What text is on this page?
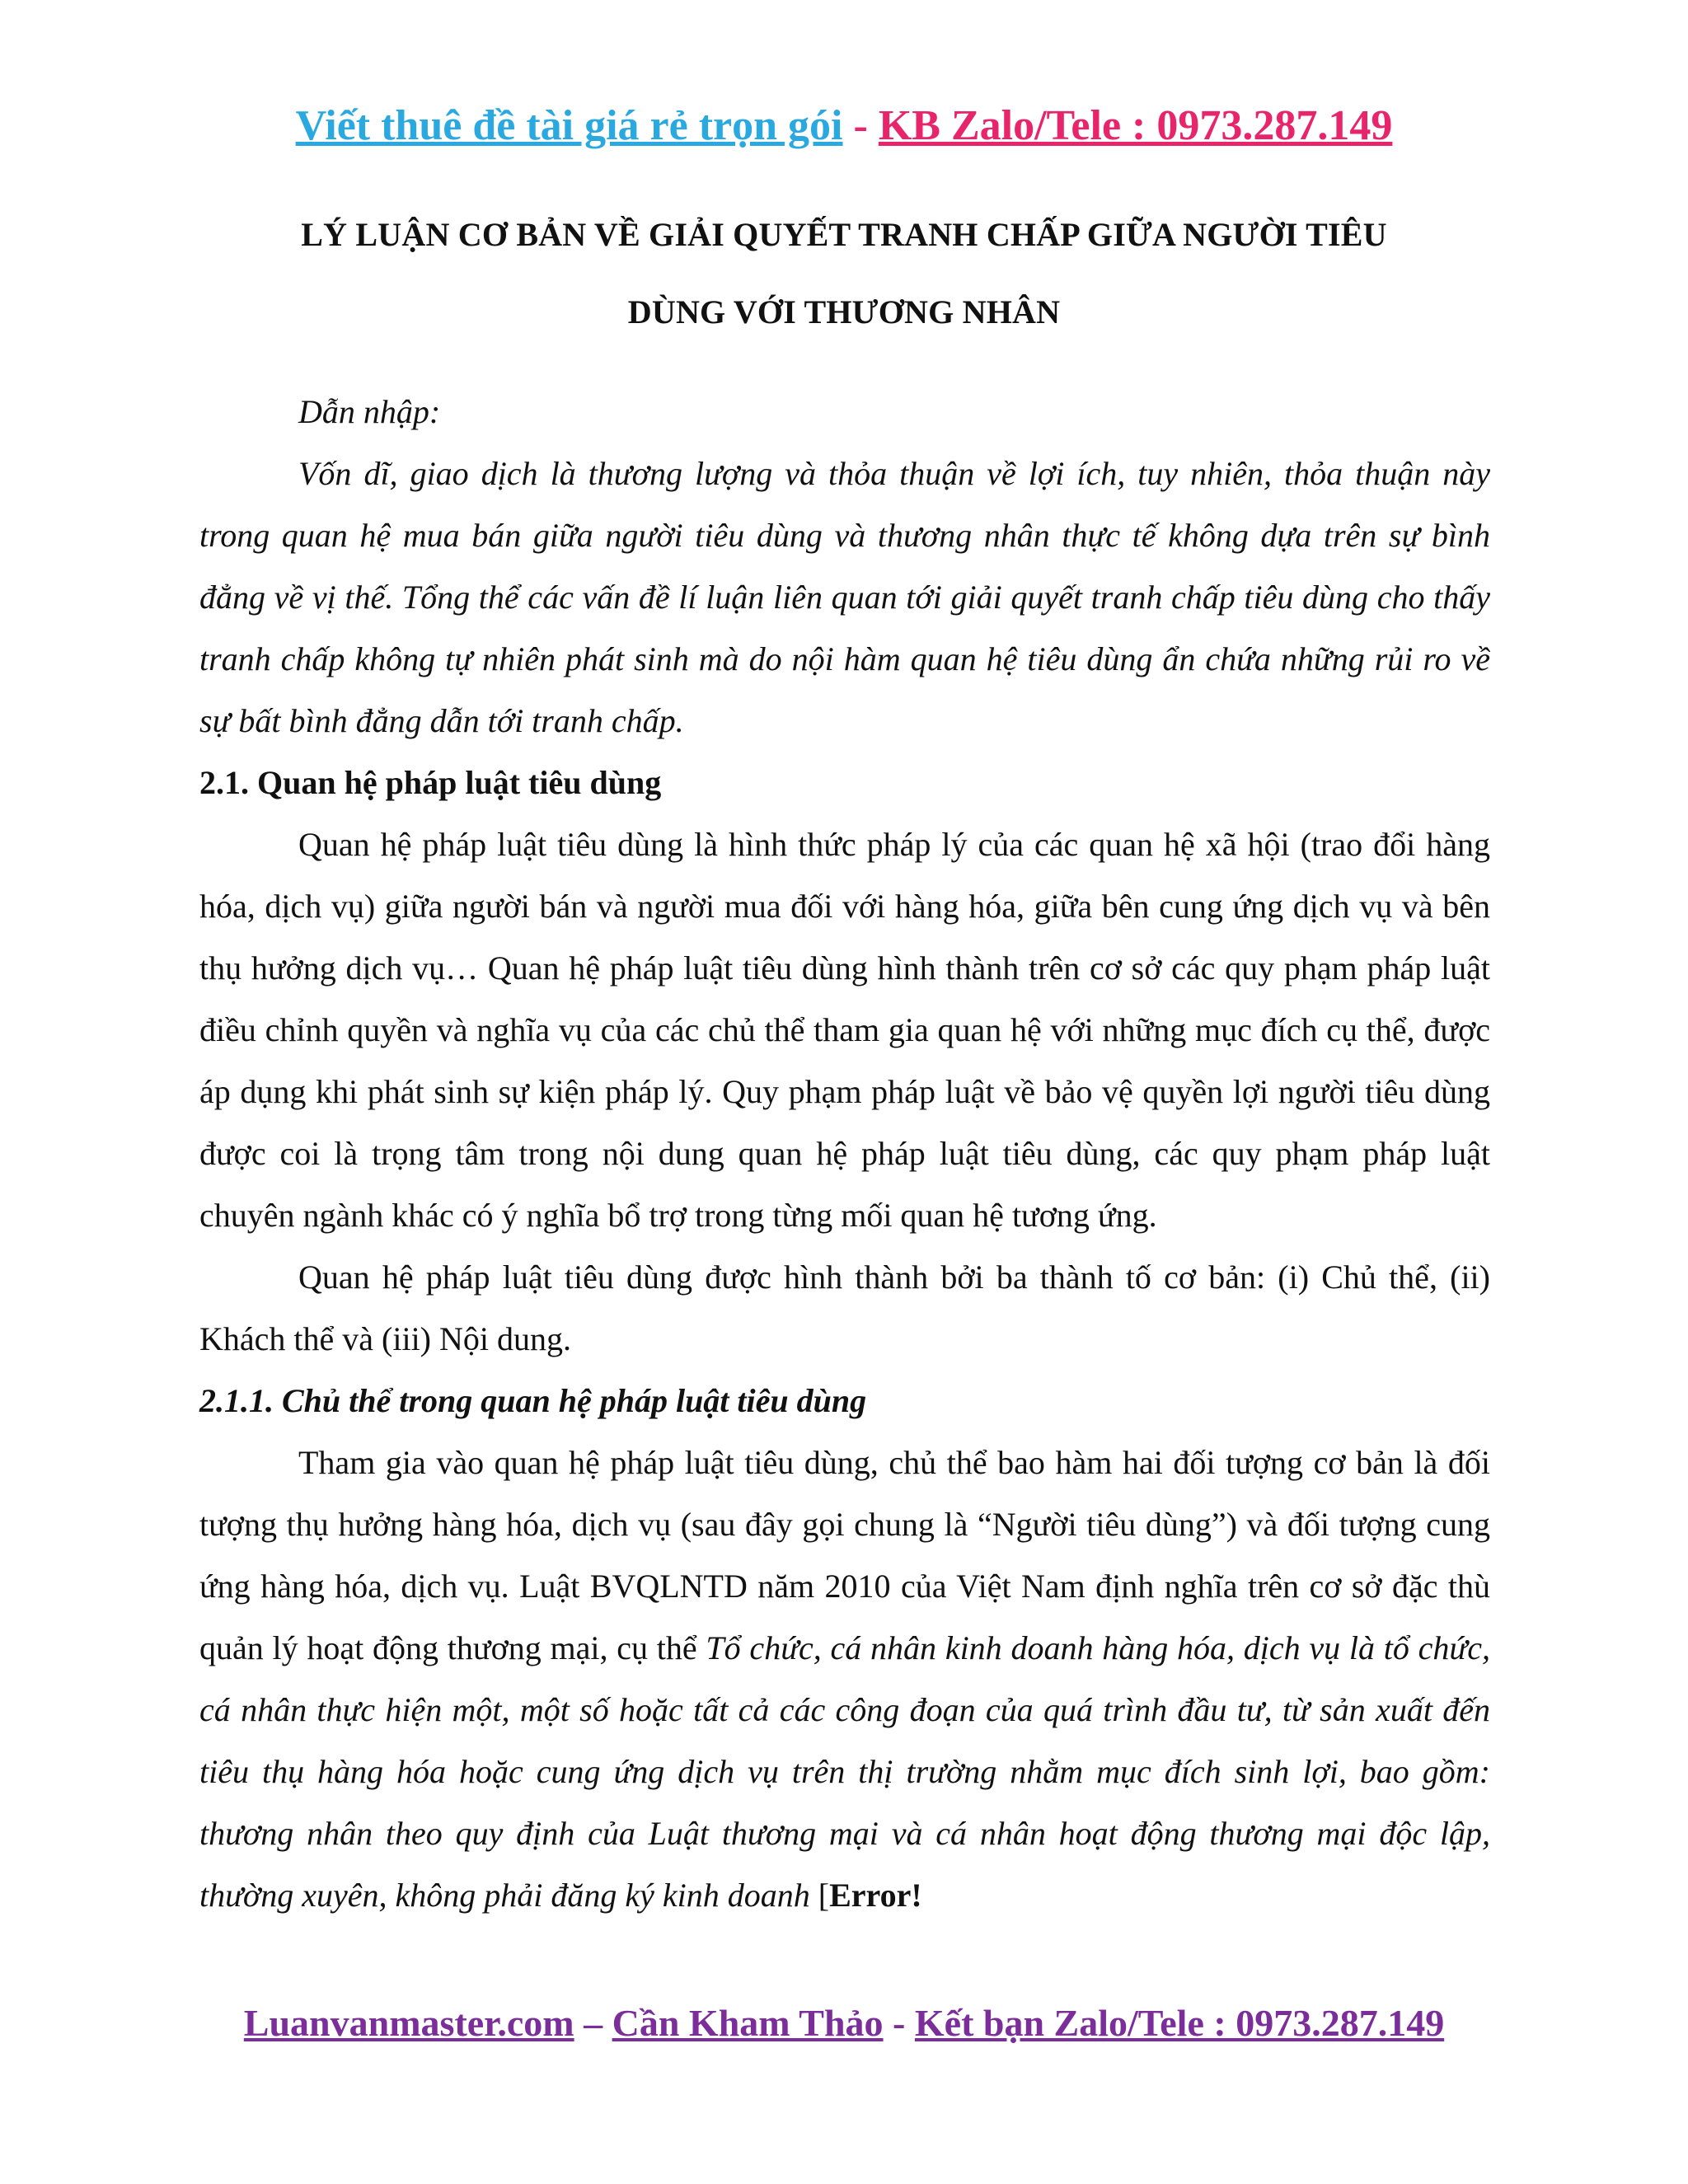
Viết thuê đề tài giá rẻ trọn gói - KB Zalo/Tele : 0973.287.149
LÝ LUẬN CƠ BẢN VỀ GIẢI QUYẾT TRANH CHẤP GIỮA NGƯỜI TIÊU
DÙNG VỚI THƯƠNG NHÂN

Dẫn nhập:

Vốn dĩ, giao dịch là thương lượng và thỏa thuận về lợi ích, tuy nhiên, thỏa thuận này trong quan hệ mua bán giữa người tiêu dùng và thương nhân thực tế không dựa trên sự bình đẳng về vị thế. Tổng thể các vấn đề lí luận liên quan tới giải quyết tranh chấp tiêu dùng cho thấy tranh chấp không tự nhiên phát sinh mà do nội hàm quan hệ tiêu dùng ẩn chứa những rủi ro về sự bất bình đẳng dẫn tới tranh chấp.

2.1. Quan hệ pháp luật tiêu dùng

Quan hệ pháp luật tiêu dùng là hình thức pháp lý của các quan hệ xã hội (trao đổi hàng hóa, dịch vụ) giữa người bán và người mua đối với hàng hóa, giữa bên cung ứng dịch vụ và bên thụ hưởng dịch vụ… Quan hệ pháp luật tiêu dùng hình thành trên cơ sở các quy phạm pháp luật điều chỉnh quyền và nghĩa vụ của các chủ thể tham gia quan hệ với những mục đích cụ thể, được áp dụng khi phát sinh sự kiện pháp lý. Quy phạm pháp luật về bảo vệ quyền lợi người tiêu dùng được coi là trọng tâm trong nội dung quan hệ pháp luật tiêu dùng, các quy phạm pháp luật chuyên ngành khác có ý nghĩa bổ trợ trong từng mối quan hệ tương ứng.

Quan hệ pháp luật tiêu dùng được hình thành bởi ba thành tố cơ bản: (i) Chủ thể, (ii) Khách thể và (iii) Nội dung.

2.1.1. Chủ thể trong quan hệ pháp luật tiêu dùng

Tham gia vào quan hệ pháp luật tiêu dùng, chủ thể bao hàm hai đối tượng cơ bản là đối tượng thụ hưởng hàng hóa, dịch vụ (sau đây gọi chung là “Người tiêu dùng”) và đối tượng cung ứng hàng hóa, dịch vụ. Luật BVQLNTD năm 2010 của Việt Nam định nghĩa trên cơ sở đặc thù quản lý hoạt động thương mại, cụ thể Tổ chức, cá nhân kinh doanh hàng hóa, dịch vụ là tổ chức, cá nhân thực hiện một, một số hoặc tất cả các công đoạn của quá trình đầu tư, từ sản xuất đến tiêu thụ hàng hóa hoặc cung ứng dịch vụ trên thị trường nhằm mục đích sinh lợi, bao gồm: thương nhân theo quy định của Luật thương mại và cá nhân hoạt động thương mại độc lập, thường xuyên, không phải đăng ký kinh doanh [Error!

Luanvanmaster.com – Cần Kham Thảo - Kết bạn Zalo/Tele : 0973.287.149
